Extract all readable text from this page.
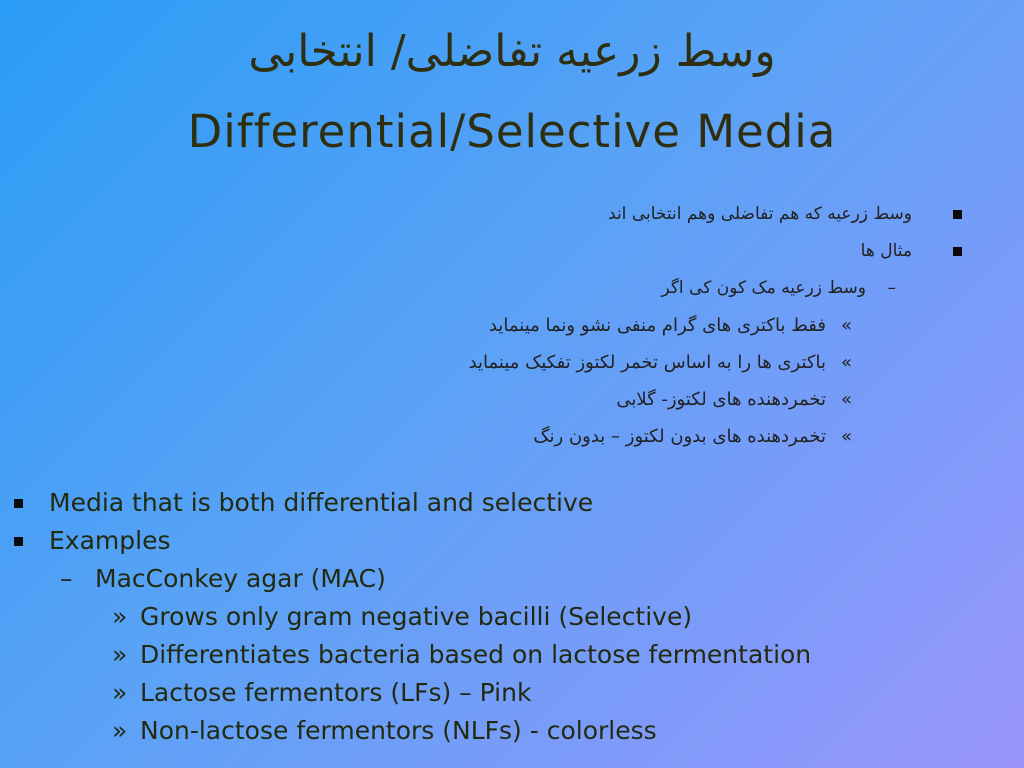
وسط زرعیه تفاضلی/ انتخابی
Differential/Selective Media
وسط زرعیه که هم تفاضلی وهم انتخابی اند
مثال ها
–
وسط زرعیه مک کون کی اگر
»
فقط باکتری های گرام منفی نشو ونما مینماید
»
باکتری ها را به اساس تخمر لکتوز تفکیک مینماید
»
تخمردهنده های لکتوز- گلابی
»
تخمردهنده های بدون لکتوز – بدون رنگ
Media that is both differential and selective
Examples
– MacConkey agar (MAC)
» Grows only gram negative bacilli (Selective)
» Differentiates bacteria based on lactose fermentation
» Lactose fermentors (LFs) – Pink
» Non-lactose fermentors (NLFs) - colorless
